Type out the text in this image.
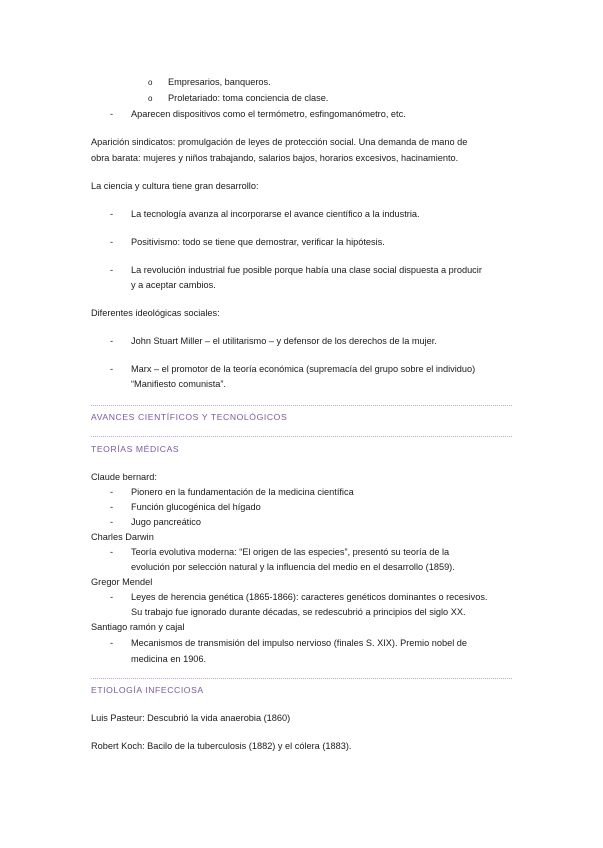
o Empresarios, banqueros.
o Proletariado: toma conciencia de clase.
- Aparecen dispositivos como el termómetro, esfingomanómetro, etc.
Aparición sindicatos: promulgación de leyes de protección social. Una demanda de mano de
obra barata: mujeres y niños trabajando, salarios bajos, horarios excesivos, hacinamiento.
La ciencia y cultura tiene gran desarrollo:
- La tecnología avanza al incorporarse el avance científico a la industria.
- Positivismo: todo se tiene que demostrar, verificar la hipótesis.
- La revolución industrial fue posible porque había una clase social dispuesta a producir
y a aceptar cambios.
Diferentes ideológicas sociales:
- John Stuart Miller – el utilitarismo – y defensor de los derechos de la mujer.
- Marx – el promotor de la teoría económica (supremacía del grupo sobre el individuo)
“Manifiesto comunista”.
AVANCES CIENTÍFICOS Y TECNOLÓGICOS
TEORÍAS MÉDICAS
Claude bernard:
- Pionero en la fundamentación de la medicina científica
- Función glucogénica del hígado
- Jugo pancreático
Charles Darwin
- Teoría evolutiva moderna: “El origen de las especies”, presentó su teoría de la
evolución por selección natural y la influencia del medio en el desarrollo (1859).
Gregor Mendel
- Leyes de herencia genética (1865-1866): caracteres genéticos dominantes o recesivos.
Su trabajo fue ignorado durante décadas, se redescubrió a principios del siglo XX.
Santiago ramón y cajal
- Mecanismos de transmisión del impulso nervioso (finales S. XIX). Premio nobel de
medicina en 1906.
ETIOLOGÍA INFECCIOSA
Luis Pasteur: Descubrió la vida anaerobia (1860)
Robert Koch: Bacilo de la tuberculosis (1882) y el cólera (1883).
